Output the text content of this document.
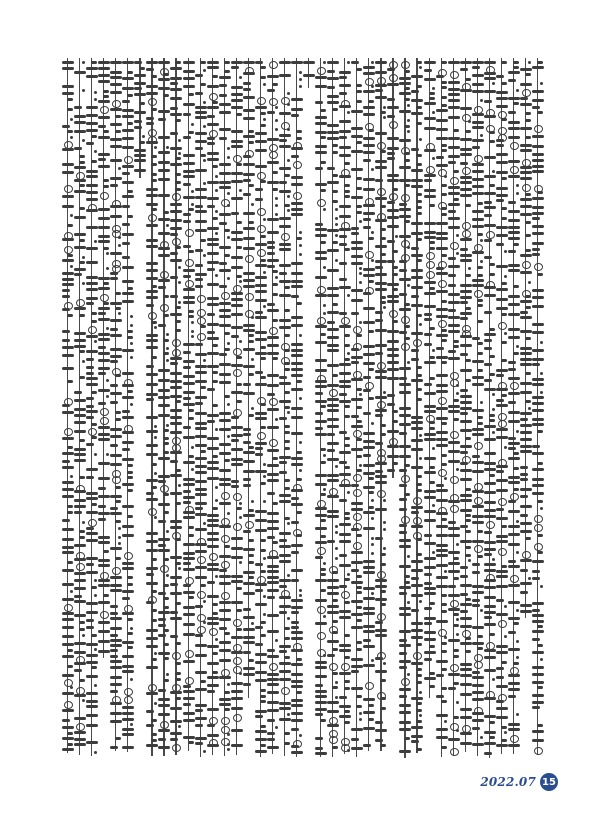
2022.07 15
